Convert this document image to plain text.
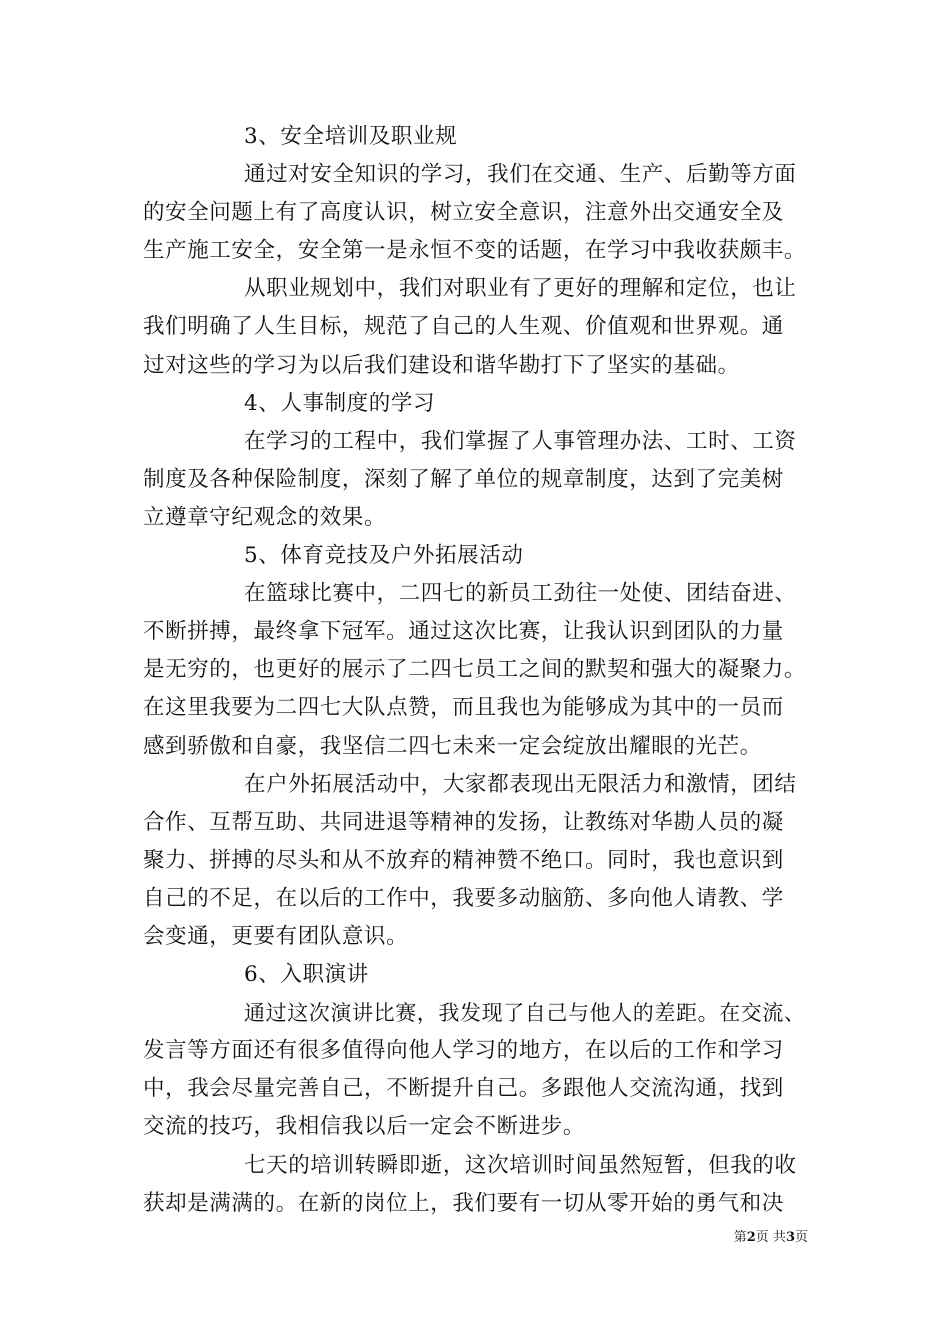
3、安全培训及职业规
通过对安全知识的学习，我们在交通、生产、后勤等方面
的安全问题上有了高度认识，树立安全意识，注意外出交通安全及
生产施工安全，安全第一是永恒不变的话题，在学习中我收获颇丰。
从职业规划中，我们对职业有了更好的理解和定位，也让
我们明确了人生目标，规范了自己的人生观、价值观和世界观。通
过对这些的学习为以后我们建设和谐华勘打下了坚实的基础。
4、人事制度的学习
在学习的工程中，我们掌握了人事管理办法、工时、工资
制度及各种保险制度，深刻了解了单位的规章制度，达到了完美树
立遵章守纪观念的效果。
5、体育竞技及户外拓展活动
在篮球比赛中，二四七的新员工劲往一处使、团结奋进、
不断拼搏，最终拿下冠军。通过这次比赛，让我认识到团队的力量
是无穷的，也更好的展示了二四七员工之间的默契和强大的凝聚力。
在这里我要为二四七大队点赞，而且我也为能够成为其中的一员而
感到骄傲和自豪，我坚信二四七未来一定会绽放出耀眼的光芒。
在户外拓展活动中，大家都表现出无限活力和激情，团结
合作、互帮互助、共同进退等精神的发扬，让教练对华勘人员的凝
聚力、拼搏的尽头和从不放弃的精神赞不绝口。同时，我也意识到
自己的不足，在以后的工作中，我要多动脑筋、多向他人请教、学
会变通，更要有团队意识。
6、入职演讲
通过这次演讲比赛，我发现了自己与他人的差距。在交流、
发言等方面还有很多值得向他人学习的地方，在以后的工作和学习
中，我会尽量完善自己，不断提升自己。多跟他人交流沟通，找到
交流的技巧，我相信我以后一定会不断进步。
七天的培训转瞬即逝，这次培训时间虽然短暂，但我的收
获却是满满的。在新的岗位上，我们要有一切从零开始的勇气和决
第2页 共3页
